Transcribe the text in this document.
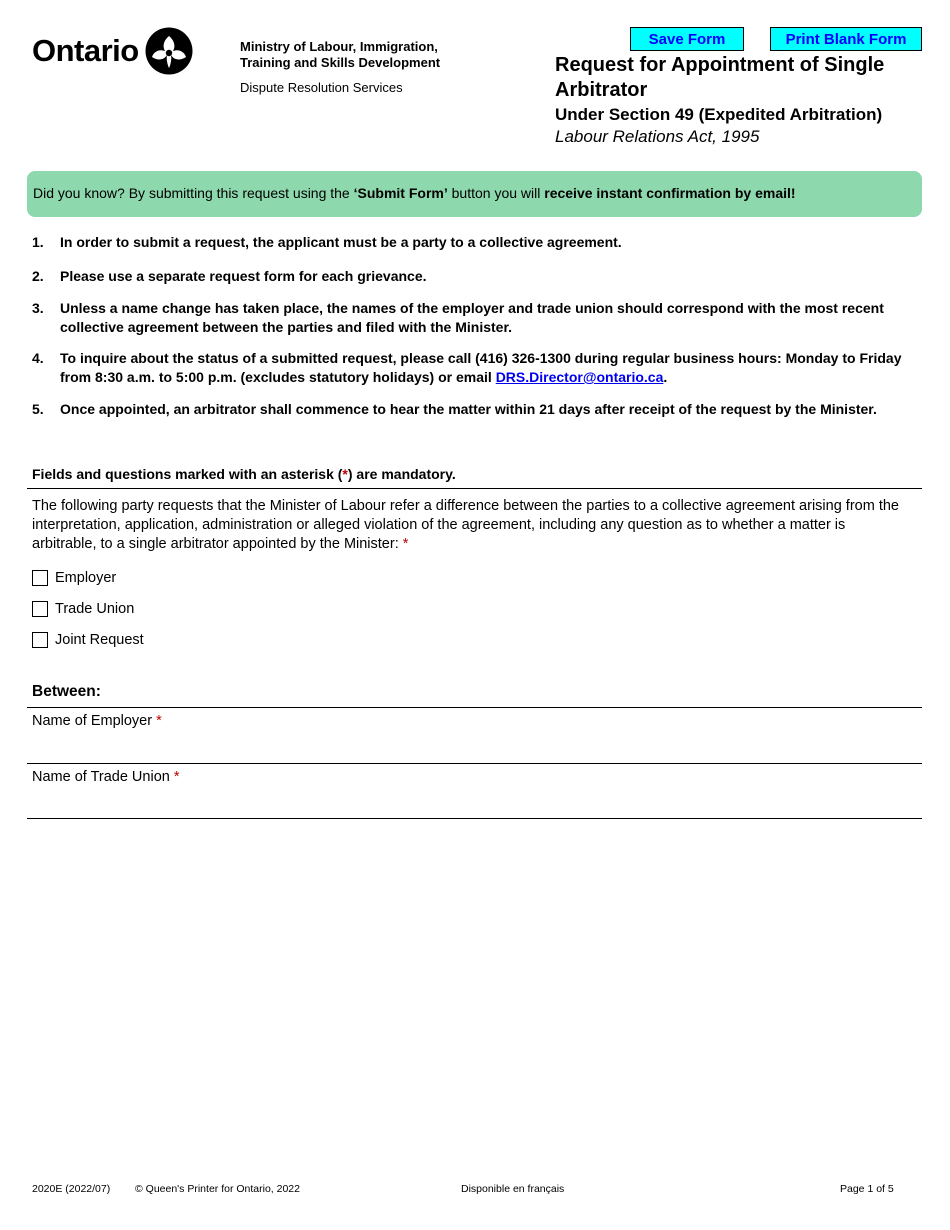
Ontario	Ministry of Labour, Immigration, Training and Skills Development
Dispute Resolution Services
Save Form	Print Blank Form
Request for Appointment of Single Arbitrator
Under Section 49 (Expedited Arbitration)
Labour Relations Act, 1995
Did you know? By submitting this request using the ‘Submit Form’ button you will receive instant confirmation by email!
1.	In order to submit a request, the applicant must be a party to a collective agreement.
2.	Please use a separate request form for each grievance.
3.	Unless a name change has taken place, the names of the employer and trade union should correspond with the most recent collective agreement between the parties and filed with the Minister.
4.	To inquire about the status of a submitted request, please call (416) 326-1300 during regular business hours: Monday to Friday from 8:30 a.m. to 5:00 p.m. (excludes statutory holidays) or email DRS.Director@ontario.ca.
5.	Once appointed, an arbitrator shall commence to hear the matter within 21 days after receipt of the request by the Minister.
Fields and questions marked with an asterisk (*) are mandatory.
The following party requests that the Minister of Labour refer a difference between the parties to a collective agreement arising from the interpretation, application, administration or alleged violation of the agreement, including any question as to whether a matter is arbitrable, to a single arbitrator appointed by the Minister: *
Employer
Trade Union
Joint Request
Between:
Name of Employer *
Name of Trade Union *
2020E (2022/07) © Queen's Printer for Ontario, 2022	Disponible en français	Page 1 of 5
